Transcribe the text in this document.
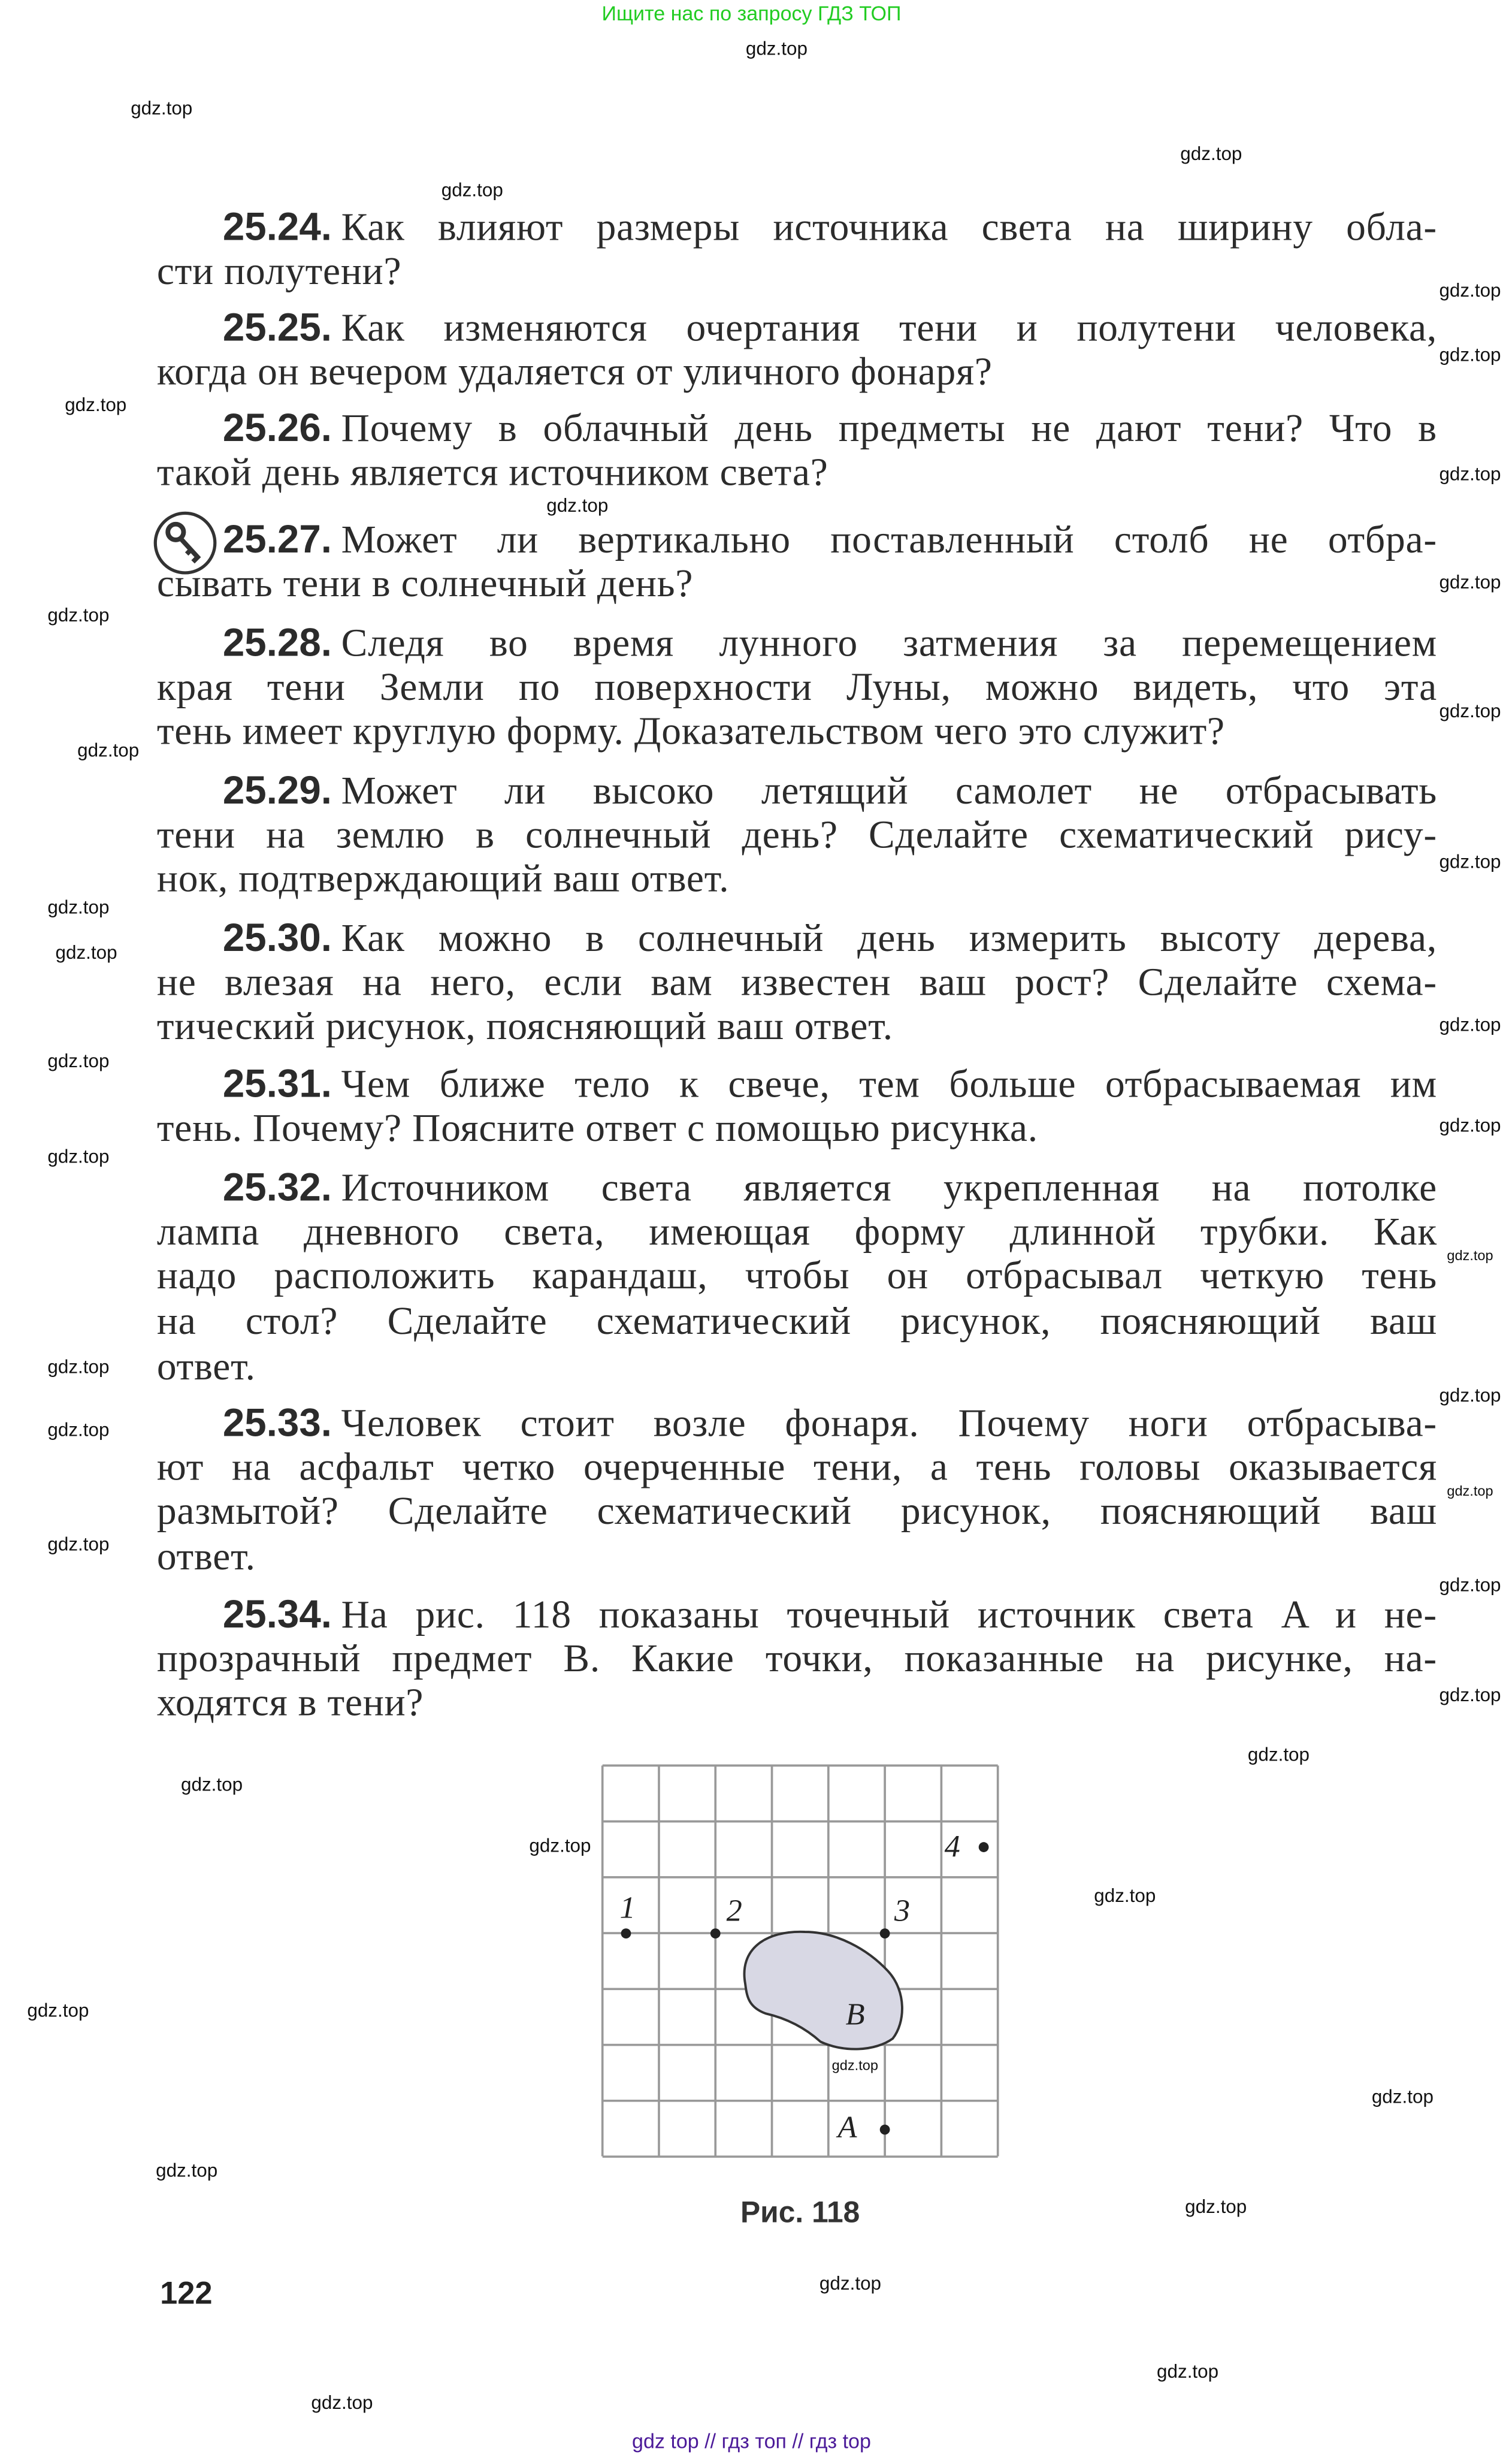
Ищите нас по запросу ГДЗ ТОП
25.24. Как влияют размеры источника света на ширину обла-
сти полутени?
25.25. Как изменяются очертания тени и полутени человека,
когда он вечером удаляется от уличного фонаря?
25.26. Почему в облачный день предметы не дают тени? Что в
такой день является источником света?
25.27. Может ли вертикально поставленный столб не отбра-
сывать тени в солнечный день?
25.28. Следя во время лунного затмения за перемещением
края тени Земли по поверхности Луны, можно видеть, что эта
тень имеет круглую форму. Доказательством чего это служит?
25.29. Может ли высоко летящий самолет не отбрасывать
тени на землю в солнечный день? Сделайте схематический рису-
нок, подтверждающий ваш ответ.
25.30. Как можно в солнечный день измерить высоту дерева,
не влезая на него, если вам известен ваш рост? Сделайте схема-
тический рисунок, поясняющий ваш ответ.
25.31. Чем ближе тело к свече, тем больше отбрасываемая им
тень. Почему? Поясните ответ с помощью рисунка.
25.32. Источником света является укрепленная на потолке
лампа дневного света, имеющая форму длинной трубки. Как
надо расположить карандаш, чтобы он отбрасывал четкую тень
на стол? Сделайте схематический рисунок, поясняющий ваш
ответ.
25.33. Человек стоит возле фонаря. Почему ноги отбрасыва-
ют на асфальт четко очерченные тени, а тень головы оказывается
размытой? Сделайте схематический рисунок, поясняющий ваш
ответ.
25.34. На рис. 118 показаны точечный источник света A и не-
прозрачный предмет B. Какие точки, показанные на рисунке, на-
ходятся в тени?
1	2	3
4
A
B
Рис. 118
122
gdz.top
gdz.top
gdz.top
gdz.top
gdz.top
gdz.top
gdz.top
gdz.top
gdz.top
gdz.top
gdz.top
gdz.top
gdz.top
gdz.top
gdz.top
gdz.top
gdz.top
gdz.top
gdz.top
gdz.top
gdz.top
gdz.top
gdz.top
gdz.top
gdz.top
gdz.top
gdz.top
gdz.top
gdz.top
gdz.top
gdz.top
gdz.top
gdz.top
gdz.top
gdz.top
gdz.top
gdz.top
gdz.top
gdz.top
gdz.top
gdz top // гдз топ // гдз top
